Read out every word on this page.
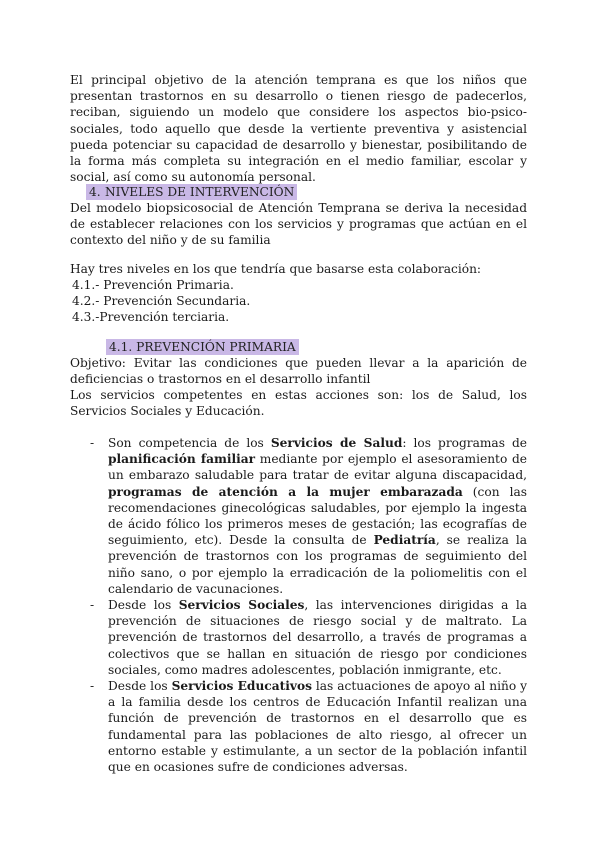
El principal objetivo de la atención temprana es que los niños que presentan trastornos en su desarrollo o tienen riesgo de padecerlos, reciban, siguiendo un modelo que considere los aspectos bio-psico-sociales, todo aquello que desde la vertiente preventiva y asistencial pueda potenciar su capacidad de desarrollo y bienestar, posibilitando de la forma más completa su integración en el medio familiar, escolar y social, así como su autonomía personal.

4. NIVELES DE INTERVENCIÓN

Del modelo biopsicosocial de Atención Temprana se deriva la necesidad de establecer relaciones con los servicios y programas que actúan en el contexto del niño y de su familia

Hay tres niveles en los que tendría que basarse esta colaboración:

4.1.- Prevención Primaria.
4.2.- Prevención Secundaria.
4.3.-Prevención terciaria.
4.1. PREVENCIÓN PRIMARIA

Objetivo: Evitar las condiciones que pueden llevar a la aparición de deficiencias o trastornos en el desarrollo infantil

Los servicios competentes en estas acciones son: los de Salud, los Servicios Sociales y Educación.

-	Son competencia de los Servicios de Salud: los programas de planificación familiar mediante por ejemplo el asesoramiento de un embarazo saludable para tratar de evitar alguna discapacidad, programas de atención a la mujer embarazada (con las recomendaciones ginecológicas saludables, por ejemplo la ingesta de ácido fólico los primeros meses de gestación; las ecografías de seguimiento, etc). Desde la consulta de Pediatría, se realiza la prevención de trastornos con los programas de seguimiento del niño sano, o por ejemplo la erradicación de la poliomelitis con el calendario de vacunaciones.
-	Desde los Servicios Sociales, las intervenciones dirigidas a la prevención de situaciones de riesgo social y de maltrato. La prevención de trastornos del desarrollo, a través de programas a colectivos que se hallan en situación de riesgo por condiciones sociales, como madres adolescentes, población inmigrante, etc.
-	Desde los Servicios Educativos las actuaciones de apoyo al niño y a la familia desde los centros de Educación Infantil realizan una función de prevención de trastornos en el desarrollo que es fundamental para las poblaciones de alto riesgo, al ofrecer un entorno estable y estimulante, a un sector de la población infantil que en ocasiones sufre de condiciones adversas.
